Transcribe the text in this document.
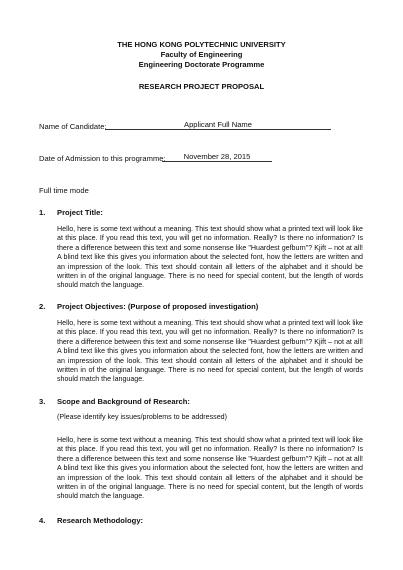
THE HONG KONG POLYTECHNIC UNIVERSITY
Faculty of Engineering
Engineering Doctorate Programme
RESEARCH PROJECT PROPOSAL
Name of Candidate:	Applicant Full Name
Date of Admission to this programme:	November 28, 2015
Full time mode
1. Project Title:

Hello, here is some text without a meaning. This text should show what a printed text will look like at this place. If you read this text, you will get no information. Really? Is there no information? Is there a difference between this text and some nonsense like "Huardest gefburn"? Kjift – not at all! A blind text like this gives you information about the selected font, how the letters are written and an impression of the look. This text should contain all letters of the alphabet and it should be written in of the original language. There is no need for special content, but the length of words should match the language.

2. Project Objectives: (Purpose of proposed investigation)

Hello, here is some text without a meaning. This text should show what a printed text will look like at this place. If you read this text, you will get no information. Really? Is there no information? Is there a difference between this text and some nonsense like "Huardest gefburn"? Kjift – not at all! A blind text like this gives you information about the selected font, how the letters are written and an impression of the look. This text should contain all letters of the alphabet and it should be written in of the original language. There is no need for special content, but the length of words should match the language.

3. Scope and Background of Research:
(Please identify key issues/problems to be addressed)

Hello, here is some text without a meaning. This text should show what a printed text will look like at this place. If you read this text, you will get no information. Really? Is there no information? Is there a difference between this text and some nonsense like "Huardest gefburn"? Kjift – not at all! A blind text like this gives you information about the selected font, how the letters are written and an impression of the look. This text should contain all letters of the alphabet and it should be written in of the original language. There is no need for special content, but the length of words should match the language.

4. Research Methodology:
